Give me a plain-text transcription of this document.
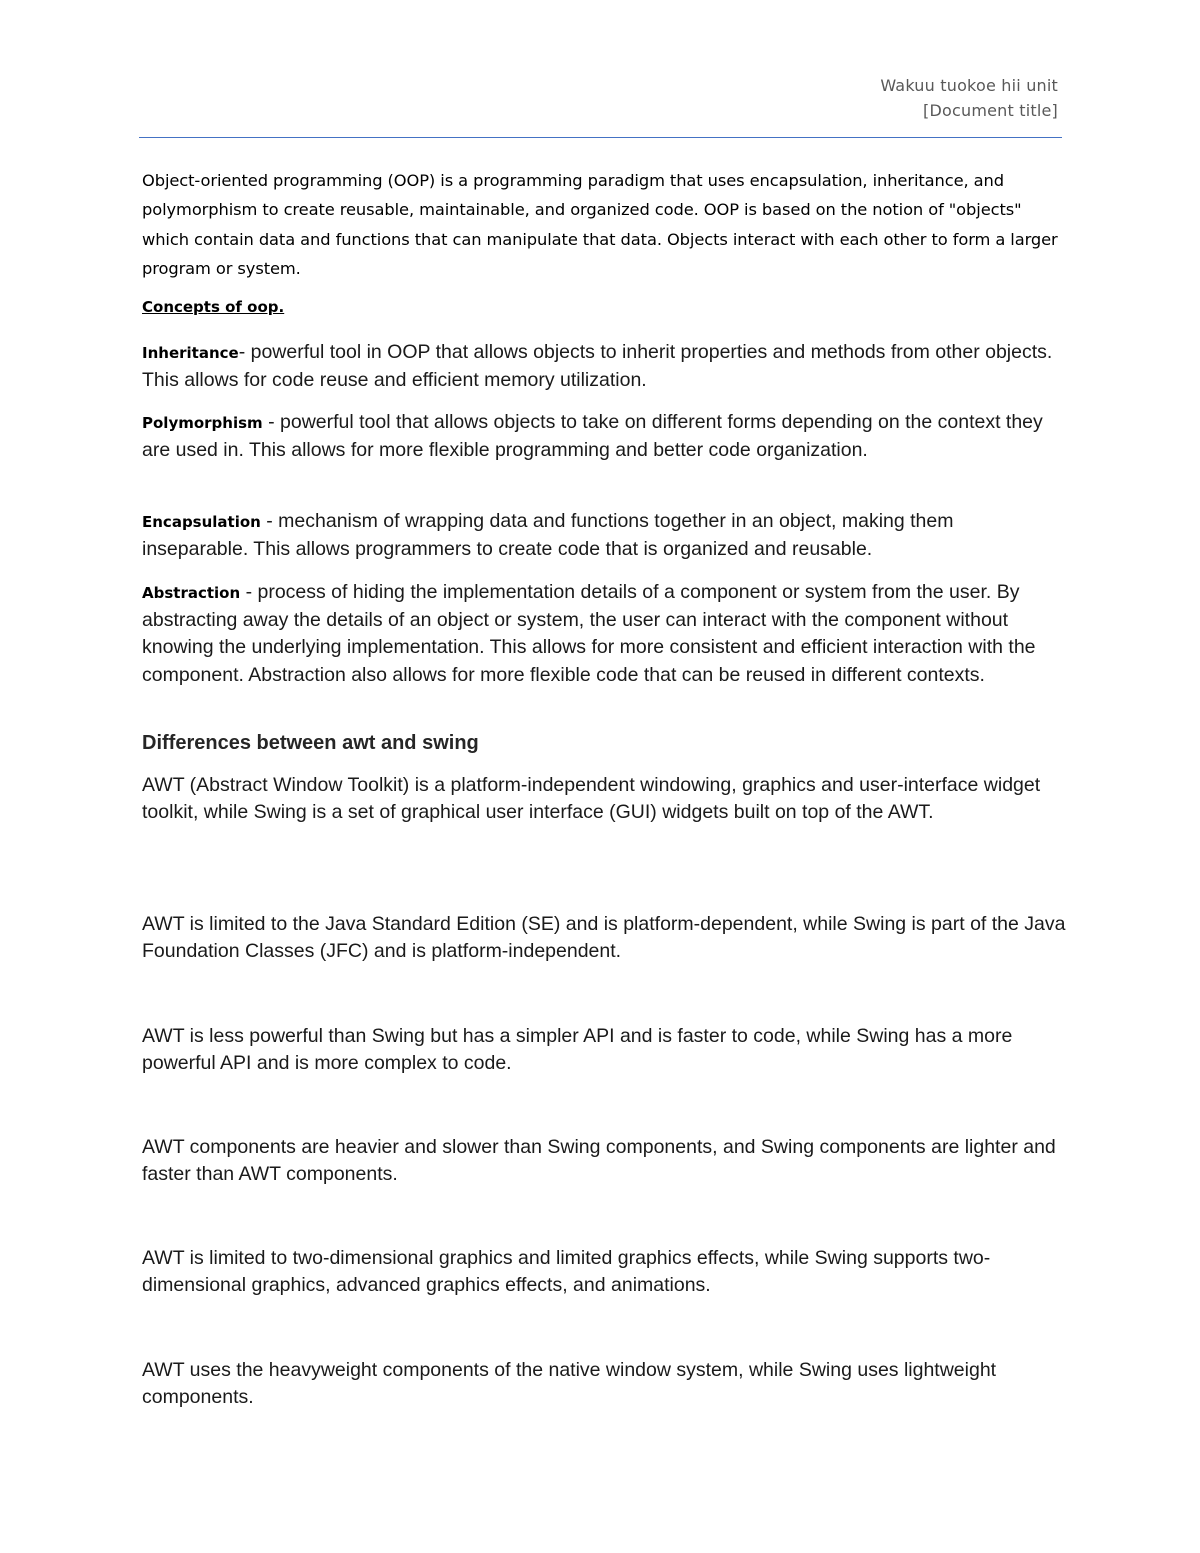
Wakuu tuokoe hii unit
[Document title]

Object-oriented programming (OOP) is a programming paradigm that uses encapsulation, inheritance, and polymorphism to create reusable, maintainable, and organized code. OOP is based on the notion of "objects" which contain data and functions that can manipulate that data. Objects interact with each other to form a larger program or system.

Concepts of oop.

Inheritance- powerful tool in OOP that allows objects to inherit properties and methods from other objects. This allows for code reuse and efficient memory utilization.

Polymorphism - powerful tool that allows objects to take on different forms depending on the context they are used in. This allows for more flexible programming and better code organization.

Encapsulation - mechanism of wrapping data and functions together in an object, making them inseparable. This allows programmers to create code that is organized and reusable.

Abstraction - process of hiding the implementation details of a component or system from the user. By abstracting away the details of an object or system, the user can interact with the component without knowing the underlying implementation. This allows for more consistent and efficient interaction with the component. Abstraction also allows for more flexible code that can be reused in different contexts.

Differences between awt and swing

AWT (Abstract Window Toolkit) is a platform-independent windowing, graphics and user-interface widget toolkit, while Swing is a set of graphical user interface (GUI) widgets built on top of the AWT.

AWT is limited to the Java Standard Edition (SE) and is platform-dependent, while Swing is part of the Java Foundation Classes (JFC) and is platform-independent.

AWT is less powerful than Swing but has a simpler API and is faster to code, while Swing has a more powerful API and is more complex to code.

AWT components are heavier and slower than Swing components, and Swing components are lighter and faster than AWT components.

AWT is limited to two-dimensional graphics and limited graphics effects, while Swing supports two-dimensional graphics, advanced graphics effects, and animations.

AWT uses the heavyweight components of the native window system, while Swing uses lightweight components.
